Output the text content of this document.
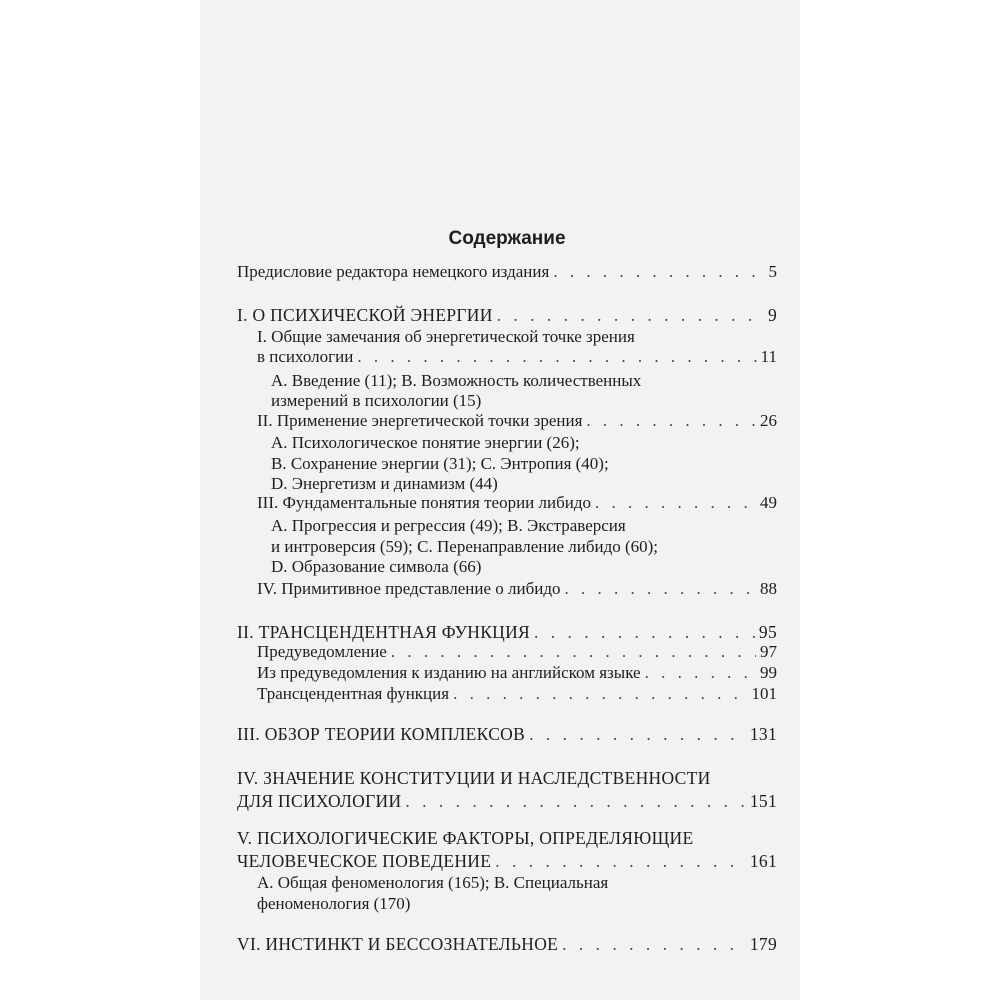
Содержание
Предисловие редактора немецкого издания . . .	5
I. О ПСИХИЧЕСКОЙ ЭНЕРГИИ . . .	9
I. Общие замечания об энергетической точке зрения
в психологии . . .	11
А. Введение (11); В. Возможность количественных
измерений в психологии (15)
II. Применение энергетической точки зрения . . .	26
А. Психологическое понятие энергии (26);
В. Сохранение энергии (31); С. Энтропия (40);
D. Энергетизм и динамизм (44)
III. Фундаментальные понятия теории либидо . . .	49
А. Прогрессия и регрессия (49); В. Экстраверсия
и интроверсия (59); С. Перенаправление либидо (60);
D. Образование символа (66)
IV. Примитивное представление о либидо . . .	88
II. ТРАНСЦЕНДЕНТНАЯ ФУНКЦИЯ . . .	95
Предуведомление . . .	97
Из предуведомления к изданию на английском языке . . .	99
Трансцендентная функция . . .	101
III. ОБЗОР ТЕОРИИ КОМПЛЕКСОВ . . .	131
IV. ЗНАЧЕНИЕ КОНСТИТУЦИИ И НАСЛЕДСТВЕННОСТИ
ДЛЯ ПСИХОЛОГИИ . . .	151
V. ПСИХОЛОГИЧЕСКИЕ ФАКТОРЫ, ОПРЕДЕЛЯЮЩИЕ
ЧЕЛОВЕЧЕСКОЕ ПОВЕДЕНИЕ . . .	161
А. Общая феноменология (165); В. Специальная
феноменология (170)
VI. ИНСТИНКТ И БЕССОЗНАТЕЛЬНОЕ . . .	179
